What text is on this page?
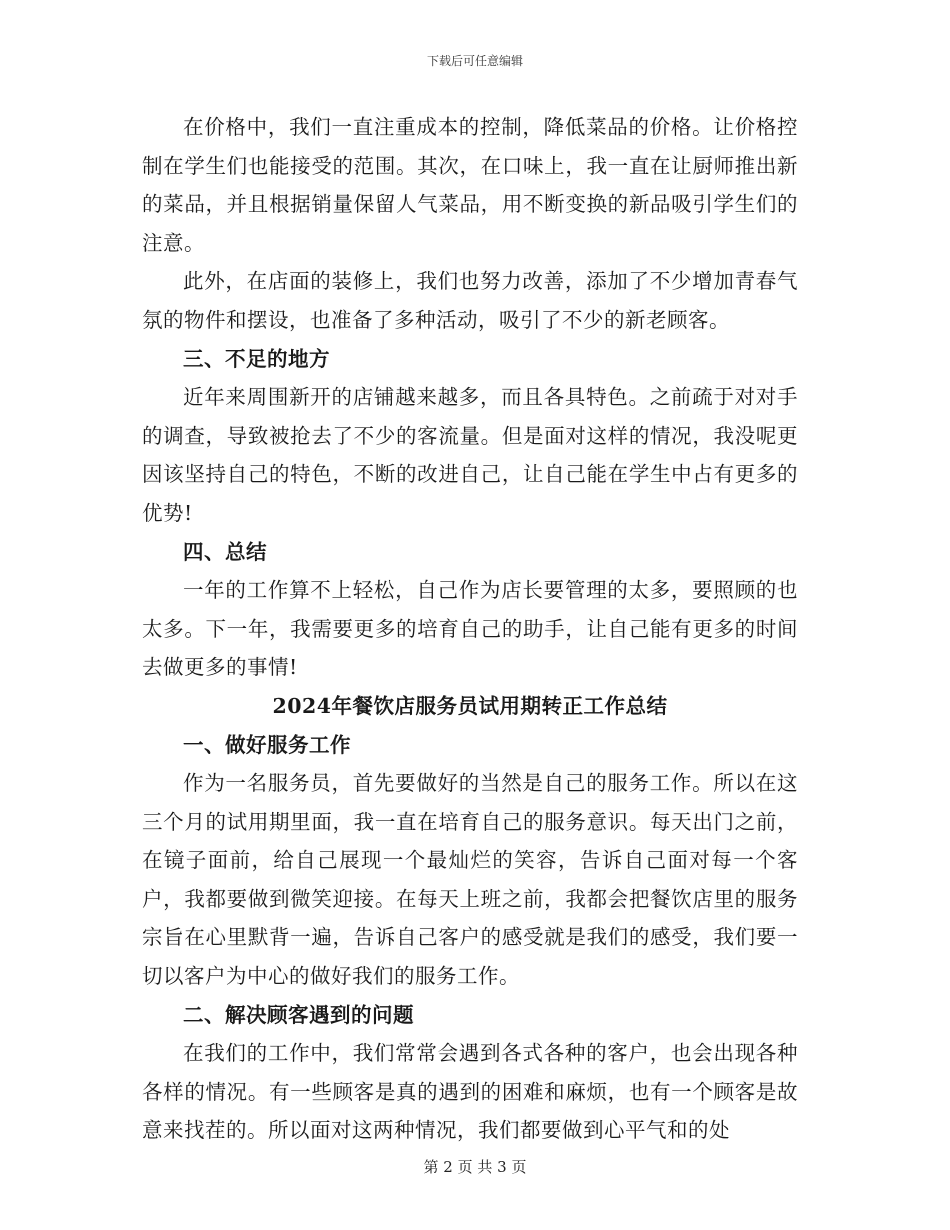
下载后可任意编辑

在价格中，我们一直注重成本的控制，降低菜品的价格。让价格控制在学生们也能接受的范围。其次，在口味上，我一直在让厨师推出新的菜品，并且根据销量保留人气菜品，用不断变换的新品吸引学生们的注意。

此外，在店面的装修上，我们也努力改善，添加了不少增加青春气氛的物件和摆设，也准备了多种活动，吸引了不少的新老顾客。

三、不足的地方

近年来周围新开的店铺越来越多，而且各具特色。之前疏于对对手的调查，导致被抢去了不少的客流量。但是面对这样的情况，我没呢更因该坚持自己的特色，不断的改进自己，让自己能在学生中占有更多的优势!

四、总结

一年的工作算不上轻松，自己作为店长要管理的太多，要照顾的也太多。下一年，我需要更多的培育自己的助手，让自己能有更多的时间去做更多的事情!

2024年餐饮店服务员试用期转正工作总结

一、做好服务工作

作为一名服务员，首先要做好的当然是自己的服务工作。所以在这三个月的试用期里面，我一直在培育自己的服务意识。每天出门之前，在镜子面前，给自己展现一个最灿烂的笑容，告诉自己面对每一个客户，我都要做到微笑迎接。在每天上班之前，我都会把餐饮店里的服务宗旨在心里默背一遍，告诉自己客户的感受就是我们的感受，我们要一切以客户为中心的做好我们的服务工作。

二、解决顾客遇到的问题

在我们的工作中，我们常常会遇到各式各种的客户，也会出现各种各样的情况。有一些顾客是真的遇到的困难和麻烦，也有一个顾客是故意来找茬的。所以面对这两种情况，我们都要做到心平气和的处

第 2 页 共 3 页
